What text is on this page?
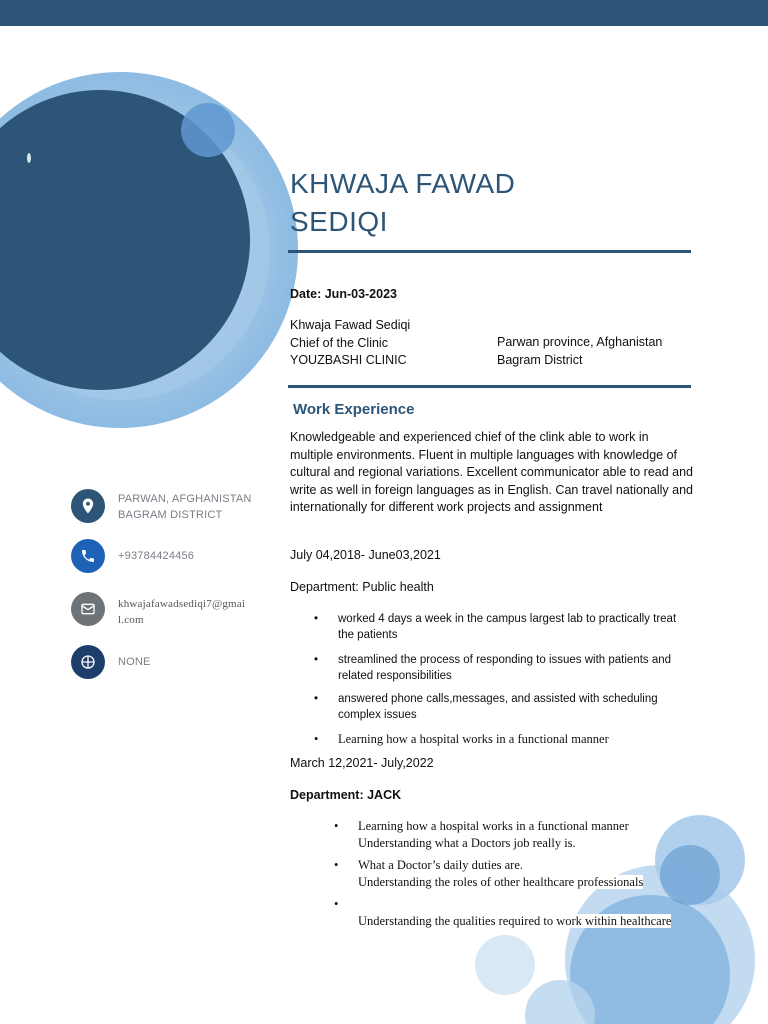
PARWAN, AFGHANISTAN
BAGRAM DISTRICT
+93784424456
khwajafawadsediqi7@gmai
l.com
NONE
KHWAJA FAWAD
SEDIQI
Date: Jun-03-2023
Khwaja Fawad Sediqi
Chief of the Clinic
YOUZBASHI CLINIC
Parwan province, Afghanistan
Bagram District
Work Experience
Knowledgeable and experienced chief of the clink able to work in multiple environments. Fluent in multiple languages with knowledge of cultural and regional variations. Excellent communicator able to read and write as well in foreign languages as in English. Can travel nationally and internationally for different work projects and assignment
July 04,2018- June03,2021
Department: Public health
• worked 4 days a week in the campus largest lab to practically treat the patients
• streamlined the process of responding to issues with patients and related responsibilities
• answered phone calls,messages, and assisted with scheduling complex issues
• Learning how a hospital works in a functional manner
March 12,2021- July,2022
Department: JACK
• Learning how a hospital works in a functional manner
Understanding what a Doctors job really is.
• What a Doctor’s daily duties are.
Understanding the roles of other healthcare professionals
•

Understanding the qualities required to work within healthcare
